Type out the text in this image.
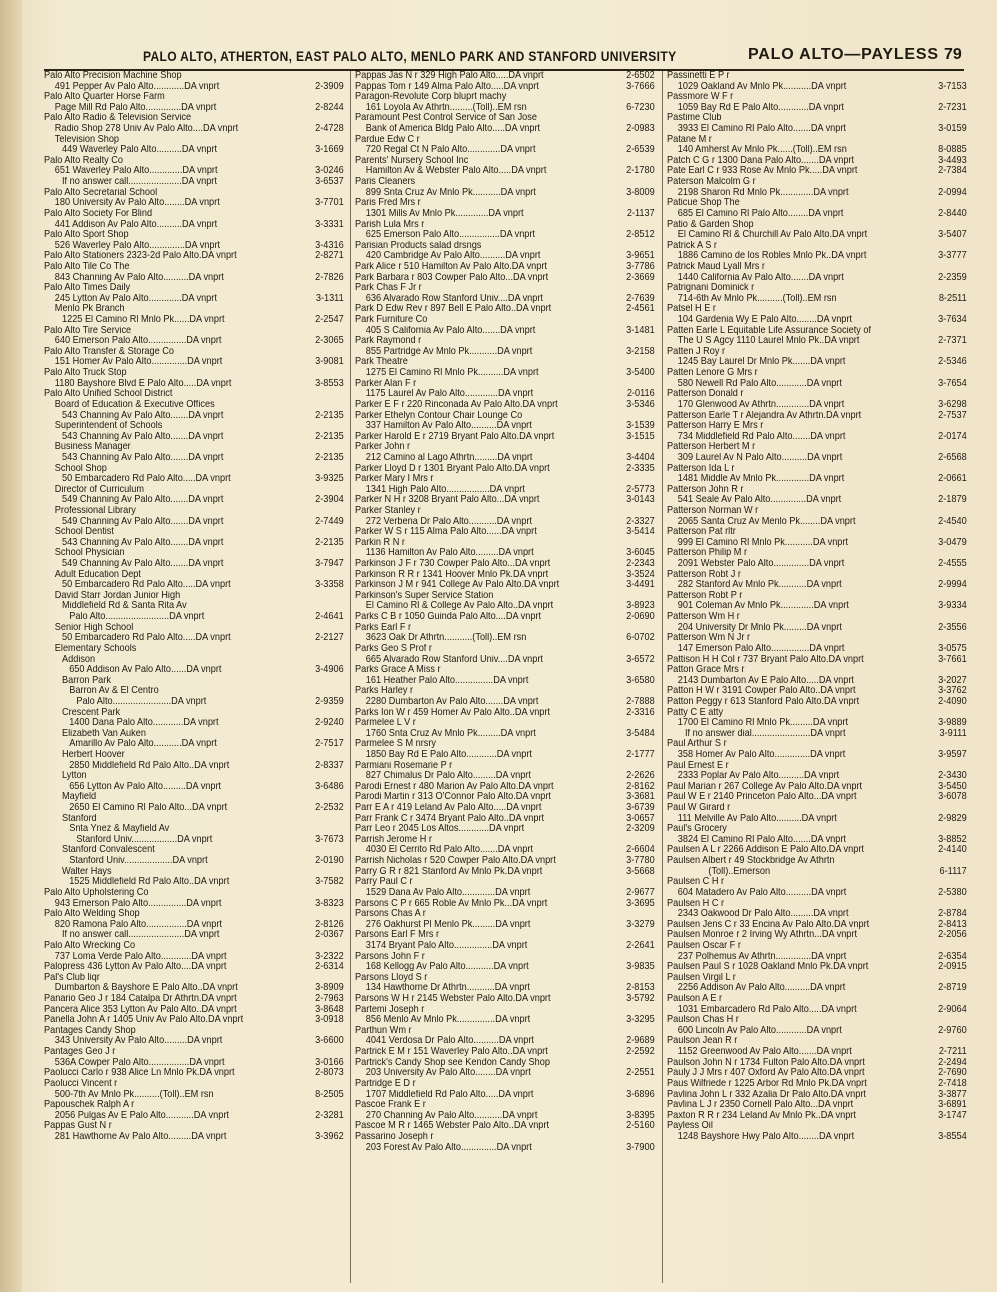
PALO ALTO, ATHERTON, EAST PALO ALTO, MENLO PARK AND STANFORD UNIVERSITY	PALO ALTO—PAYLESS 79
Palo Alto Precision Machine Shop
491 Pepper Av Palo Alto............DA vnprt	2-3909
Palo Alto Quarter Horse Farm
Page Mill Rd Palo Alto..............DA vnprt	2-8244
Palo Alto Radio & Television Service
Radio Shop 278 Univ Av Palo Alto....DA vnprt	2-4728
Television Shop
449 Waverley Palo Alto..........DA vnprt	3-1669
Palo Alto Realty Co
651 Waverley Palo Alto.............DA vnprt	3-0246
If no answer call.....................DA vnprt	3-6537
Palo Alto Secretarial School
180 University Av Palo Alto........DA vnprt	3-7701
Palo Alto Society For Blind
441 Addison Av Palo Alto..........DA vnprt	3-3331
Palo Alto Sport Shop
526 Waverley Palo Alto..............DA vnprt	3-4316
Palo Alto Stationers 2323-2d Palo Alto.DA vnprt	2-8271
Palo Alto Tile Co The
843 Channing Av Palo Alto..........DA vnprt	2-7826
Palo Alto Times Daily
245 Lytton Av Palo Alto.............DA vnprt	3-1311
Menlo Pk Branch
1225 El Camino Rl Mnlo Pk......DA vnprt	2-2547
Palo Alto Tire Service
640 Emerson Palo Alto...............DA vnprt	2-3065
Palo Alto Transfer & Storage Co
151 Homer Av Palo Alto..............DA vnprt	3-9081
Palo Alto Truck Stop
1180 Bayshore Blvd E Palo Alto.....DA vnprt	3-8553
Palo Alto Unified School District
Board of Education & Executive Offices
543 Channing Av Palo Alto.......DA vnprt	2-2135
Superintendent of Schools
543 Channing Av Palo Alto.......DA vnprt	2-2135
Business Manager
543 Channing Av Palo Alto.......DA vnprt	2-2135
School Shop
50 Embarcadero Rd Palo Alto.....DA vnprt	3-9325
Director of Curriculum
549 Channing Av Palo Alto.......DA vnprt	2-3904
Professional Library
549 Channing Av Palo Alto.......DA vnprt	2-7449
School Dentist
543 Channing Av Palo Alto.......DA vnprt	2-2135
School Physician
549 Channing Av Palo Alto.......DA vnprt	3-7947
Adult Education Dept
50 Embarcadero Rd Palo Alto.....DA vnprt	3-3358
David Starr Jordan Junior High
Middlefield Rd & Santa Rita Av
Palo Alto.........................DA vnprt	2-4641
Senior High School
50 Embarcadero Rd Palo Alto.....DA vnprt	2-2127
Elementary Schools
Addison
650 Addison Av Palo Alto......DA vnprt	3-4906
Barron Park
Barron Av & El Centro
Palo Alto.......................DA vnprt	2-9359
Crescent Park
1400 Dana Palo Alto............DA vnprt	2-9240
Elizabeth Van Auken
Amarillo Av Palo Alto...........DA vnprt	2-7517
Herbert Hoover
2850 Middlefield Rd Palo Alto..DA vnprt	2-8337
Lytton
656 Lytton Av Palo Alto.........DA vnprt	3-6486
Mayfield
2650 El Camino Rl Palo Alto...DA vnprt	2-2532
Stanford
Snta Ynez & Mayfield Av
Stanford Univ..................DA vnprt	3-7673
Stanford Convalescent
Stanford Univ...................DA vnprt	2-0190
Walter Hays
1525 Middlefield Rd Palo Alto..DA vnprt	3-7582
Palo Alto Upholstering Co
943 Emerson Palo Alto...............DA vnprt	3-8323
Palo Alto Welding Shop
820 Ramona Palo Alto................DA vnprt	2-8126
If no answer call......................DA vnprt	2-0367
Palo Alto Wrecking Co
737 Loma Verde Palo Alto............DA vnprt	3-2322
Palopress 436 Lytton Av Palo Alto....DA vnprt	2-6314
Pal's Club liqr
Dumbarton & Bayshore E Palo Alto..DA vnprt	3-8909
Panario Geo J r 184 Catalpa Dr Athrtn.DA vnprt	2-7963
Pancera Alice 353 Lytton Av Palo Alto..DA vnprt	3-8648
Panella John A r 1405 Univ Av Palo Alto.DA vnprt	3-0918
Pantages Candy Shop
343 University Av Palo Alto.........DA vnprt	3-6600
Pantages Geo J r
536A Cowper Palo Alto................DA vnprt	3-0166
Paolucci Carlo r 938 Alice Ln Mnlo Pk.DA vnprt	2-8073
Paolucci Vincent r
500-7th Av Mnlo Pk..........(Toll)..EM rsn	8-2505
Papouschek Ralph A r
2056 Pulgas Av E Palo Alto...........DA vnprt	2-3281
Pappas Gust N r
281 Hawthorne Av Palo Alto.........DA vnprt	3-3962
Pappas Jas N r 329 High Palo Alto.....DA vnprt	2-6502
Pappas Tom r 149 Alma Palo Alto.....DA vnprt	3-7666
Paragon-Revolute Corp bluprt machy
161 Loyola Av Athrtn.........(Toll)..EM rsn	6-7230
Paramount Pest Control Service of San Jose
Bank of America Bldg Palo Alto.....DA vnprt	2-0983
Pardue Edw C r
720 Regal Ct N Palo Alto.............DA vnprt	2-6539
Parents' Nursery School Inc
Hamilton Av & Webster Palo Alto.....DA vnprt	2-1780
Paris Cleaners
899 Snta Cruz Av Mnlo Pk...........DA vnprt	3-8009
Paris Fred Mrs r
1301 Mills Av Mnlo Pk.............DA vnprt	2-1137
Parish Lula Mrs r
625 Emerson Palo Alto................DA vnprt	2-8512
Parisian Products salad drsngs
420 Cambridge Av Palo Alto..........DA vnprt	3-9651
Park Alice r 510 Hamilton Av Palo Alto.DA vnprt	3-7786
Park Barbara r 803 Cowper Palo Alto...DA vnprt	2-3669
Park Chas F Jr r
636 Alvarado Row Stanford Univ....DA vnprt	2-7639
Park D Edw Rev r 897 Bell E Palo Alto..DA vnprt	2-4561
Park Furniture Co
405 S California Av Palo Alto.......DA vnprt	3-1481
Park Raymond r
855 Partridge Av Mnlo Pk...........DA vnprt	3-2158
Park Theatre
1275 El Camino Rl Mnlo Pk..........DA vnprt	3-5400
Parker Alan F r
1175 Laurel Av Palo Alto.............DA vnprt	2-0116
Parker E F r 220 Rinconada Av Palo Alto.DA vnprt	3-5346
Parker Ethelyn Contour Chair Lounge Co
337 Hamilton Av Palo Alto..........DA vnprt	3-1539
Parker Harold E r 2719 Bryant Palo Alto.DA vnprt	3-1515
Parker John r
212 Camino al Lago Athrtn.........DA vnprt	3-4404
Parker Lloyd D r 1301 Bryant Palo Alto.DA vnprt	2-3335
Parker Mary I Mrs r
1341 High Palo Alto.................DA vnprt	2-5773
Parker N H r 3208 Bryant Palo Alto...DA vnprt	3-0143
Parker Stanley r
272 Verbena Dr Palo Alto...........DA vnprt	2-3327
Parker W S r 115 Alma Palo Alto......DA vnprt	3-5414
Parkin R N r
1136 Hamilton Av Palo Alto.........DA vnprt	3-6045
Parkinson J F r 730 Cowper Palo Alto...DA vnprt	2-2343
Parkinson R R r 1341 Hoover Mnlo Pk.DA vnprt	3-3524
Parkinson J M r 941 College Av Palo Alto.DA vnprt	3-4491
Parkinson's Super Service Station
El Camino Rl & College Av Palo Alto..DA vnprt	3-8923
Parks C B r 1050 Guinda Palo Alto....DA vnprt	2-0690
Parks Earl F r
3623 Oak Dr Athrtn...........(Toll)..EM rsn	6-0702
Parks Geo S Prof r
665 Alvarado Row Stanford Univ....DA vnprt	3-6572
Parks Grace A Miss r
161 Heather Palo Alto...............DA vnprt	3-6580
Parks Harley r
2280 Dumbarton Av Palo Alto.......DA vnprt	2-7888
Parks Ion W r 459 Homer Av Palo Alto..DA vnprt	2-3316
Parmelee L V r
1760 Snta Cruz Av Mnlo Pk.........DA vnprt	3-5484
Parmelee S M nrsry
1850 Bay Rd E Palo Alto............DA vnprt	2-1777
Parmiani Rosemarie P r
827 Chimalus Dr Palo Alto.........DA vnprt	2-2626
Parodi Ernest r 480 Marion Av Palo Alto.DA vnprt	2-8162
Parodi Martin r 313 O'Connor Palo Alto.DA vnprt	3-3681
Parr E A r 419 Leland Av Palo Alto.....DA vnprt	3-6739
Parr Frank C r 3474 Bryant Palo Alto..DA vnprt	3-0657
Parr Leo r 2045 Los Altos............DA vnprt	2-3209
Parrish Jerome H r
4030 El Cerrito Rd Palo Alto.......DA vnprt	2-6604
Parrish Nicholas r 520 Cowper Palo Alto.DA vnprt	3-7780
Parry G R r 821 Stanford Av Mnlo Pk.DA vnprt	3-5668
Parry Paul C r
1529 Dana Av Palo Alto.............DA vnprt	2-9677
Parsons C P r 665 Roble Av Mnlo Pk...DA vnprt	3-3695
Parsons Chas A r
276 Oakhurst Pl Menlo Pk.........DA vnprt	3-3279
Parsons Earl F Mrs r
3174 Bryant Palo Alto...............DA vnprt	2-2641
Parsons John F r
168 Kellogg Av Palo Alto...........DA vnprt	3-9835
Parsons Lloyd S r
134 Hawthorne Dr Athrtn...........DA vnprt	2-8153
Parsons W H r 2145 Webster Palo Alto.DA vnprt	3-5792
Partemi Joseph r
856 Menlo Av Mnlo Pk...............DA vnprt	3-3295
Parthun Wm r
4041 Verdosa Dr Palo Alto..........DA vnprt	2-9689
Partrick E M r 151 Waverley Palo Alto..DA vnprt	2-2592
Partrick's Candy Shop see Kendon Candy Shop
203 University Av Palo Alto........DA vnprt	2-2551
Partridge E D r
1707 Middlefield Rd Palo Alto.....DA vnprt	3-6896
Pascoe Frank E r
270 Channing Av Palo Alto...........DA vnprt	3-8395
Pascoe M R r 1465 Webster Palo Alto..DA vnprt	2-5160
Passarino Joseph r
203 Forest Av Palo Alto..............DA vnprt	3-7900
Passinetti E P r
1029 Oakland Av Mnlo Pk...........DA vnprt	3-7153
Passmore W F r
1059 Bay Rd E Palo Alto............DA vnprt	2-7231
Pastime Club
3933 El Camino Rl Palo Alto.......DA vnprt	3-0159
Patane M r
140 Amherst Av Mnlo Pk......(Toll)..EM rsn	8-0885
Patch C G r 1300 Dana Palo Alto.......DA vnprt	3-4493
Pate Earl C r 933 Rose Av Mnlo Pk.....DA vnprt	2-7384
Paterson Malcolm G r
2198 Sharon Rd Mnlo Pk.............DA vnprt	2-0994
Paticue Shop The
685 El Camino Rl Palo Alto........DA vnprt	2-8440
Patio & Garden Shop
El Camino Rl & Churchill Av Palo Alto.DA vnprt	3-5407
Patrick A S r
1886 Camino de los Robles Mnlo Pk..DA vnprt	3-3777
Patrick Maud Lyall Mrs r
1440 California Av Palo Alto.......DA vnprt	2-2359
Patrignani Dominick r
714-6th Av Mnlo Pk..........(Toll)..EM rsn	8-2511
Patsel H E r
104 Gardenia Wy E Palo Alto........DA vnprt	3-7634
Patten Earle L Equitable Life Assurance Society of
The U S Agcy 1110 Laurel Mnlo Pk..DA vnprt	2-7371
Patten J Roy r
1245 Bay Laurel Dr Mnlo Pk.......DA vnprt	2-5346
Patten Lenore G Mrs r
580 Newell Rd Palo Alto............DA vnprt	3-7654
Patterson Donald r
170 Glenwood Av Athrtn.............DA vnprt	3-6298
Patterson Earle T r Alejandra Av Athrtn.DA vnprt	2-7537
Patterson Harry E Mrs r
734 Middlefield Rd Palo Alto.......DA vnprt	2-0174
Patterson Herbert M r
309 Laurel Av N Palo Alto..........DA vnprt	2-6568
Patterson Ida L r
1481 Middle Av Mnlo Pk.............DA vnprt	2-0661
Patterson John R r
541 Seale Av Palo Alto..............DA vnprt	2-1879
Patterson Norman W r
2065 Santa Cruz Av Menlo Pk........DA vnprt	2-4540
Patterson Pat rltr
999 El Camino Rl Mnlo Pk...........DA vnprt	3-0479
Patterson Philip M r
2091 Webster Palo Alto..............DA vnprt	2-4555
Patterson Robt J r
282 Stanford Av Mnlo Pk...........DA vnprt	2-9994
Patterson Robt P r
901 Coleman Av Mnlo Pk.............DA vnprt	3-9334
Patterson Wm H r
204 University Dr Mnlo Pk.........DA vnprt	2-3556
Patterson Wm N Jr r
147 Emerson Palo Alto...............DA vnprt	3-0575
Pattison H H Col r 737 Bryant Palo Alto.DA vnprt	3-7661
Patton Grace Mrs r
2143 Dumbarton Av E Palo Alto.....DA vnprt	3-2027
Patton H W r 3191 Cowper Palo Alto..DA vnprt	3-3762
Patton Peggy r 613 Stanford Palo Alto.DA vnprt	2-4090
Patty C E atty
1700 El Camino Rl Mnlo Pk.........DA vnprt	3-9889
If no answer dial.......................DA vnprt	3-9111
Paul Arthur S r
358 Homer Av Palo Alto..............DA vnprt	3-9597
Paul Ernest E r
2333 Poplar Av Palo Alto..........DA vnprt	2-3430
Paul Marian r 267 College Av Palo Alto.DA vnprt	3-5450
Paul W E r 2140 Princeton Palo Alto...DA vnprt	3-6078
Paul W Girard r
111 Melville Av Palo Alto..........DA vnprt	2-9829
Paul's Grocery
3824 El Camino Rl Palo Alto.......DA vnprt	3-8852
Paulsen A L r 2266 Addison E Palo Alto.DA vnprt	2-4140
Paulsen Albert r 49 Stockbridge Av Athrtn
(Toll)..Emerson	6-1117
Paulsen C H r
604 Matadero Av Palo Alto..........DA vnprt	2-5380
Paulsen H C r
2343 Oakwood Dr Palo Alto.........DA vnprt	2-8784
Paulsen Jens C r 33 Encina Av Palo Alto.DA vnprt	2-8413
Paulsen Monroe r 2 Irving Wy Athrtn...DA vnprt	2-2056
Paulsen Oscar F r
237 Polhemus Av Athrtn..............DA vnprt	2-6354
Paulsen Paul S r 1028 Oakland Mnlo Pk.DA vnprt	2-0915
Paulsen Virgil L r
2256 Addison Av Palo Alto..........DA vnprt	2-8719
Paulson A E r
1031 Embarcadero Rd Palo Alto.....DA vnprt	2-9064
Paulson Chas H r
600 Lincoln Av Palo Alto............DA vnprt	2-9760
Paulson Jean R r
1152 Greenwood Av Palo Alto.......DA vnprt	2-7211
Paulson John N r 1734 Fulton Palo Alto.DA vnprt	2-2494
Pauly J J Mrs r 407 Oxford Av Palo Alto.DA vnprt	2-7690
Paus Wilfriede r 1225 Arbor Rd Mnlo Pk.DA vnprt	2-7418
Pavlina John L r 332 Azalia Dr Palo Alto.DA vnprt	3-3877
Pavlina L J r 2350 Cornell Palo Alto...DA vnprt	3-6891
Paxton R R r 234 Leland Av Mnlo Pk..DA vnprt	3-1747
Payless Oil
1248 Bayshore Hwy Palo Alto........DA vnprt	3-8554
